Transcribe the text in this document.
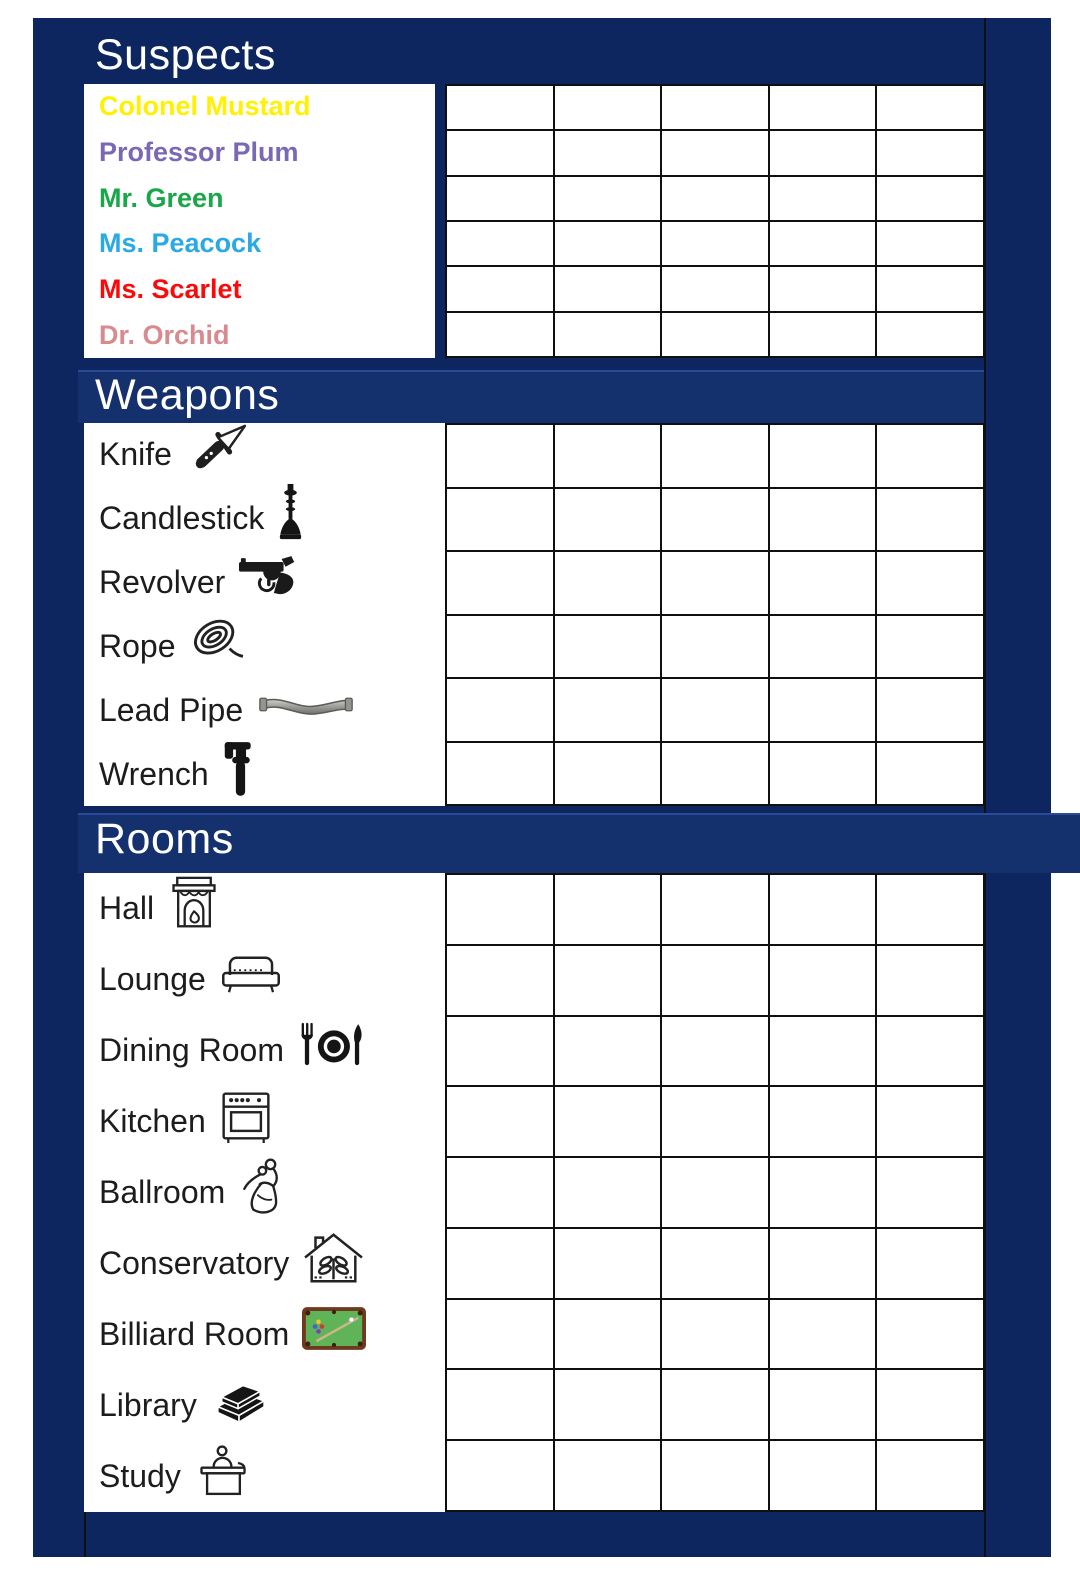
Suspects
Colonel Mustard
Professor Plum
Mr. Green
Ms. Peacock
Ms. Scarlet
Dr. Orchid
Weapons
Knife
Candlestick
Revolver
Rope
Lead Pipe
Wrench
Rooms
Hall
Lounge
Dining Room
Kitchen
Ballroom
Conservatory
Billiard Room
Library
Study
